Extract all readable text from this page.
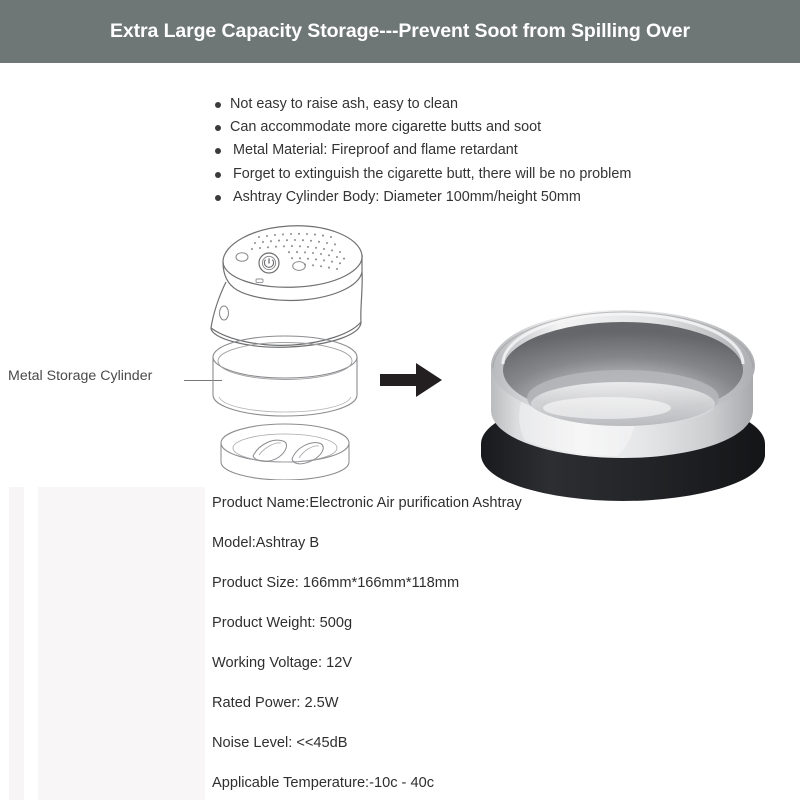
Extra Large Capacity Storage---Prevent Soot from Spilling Over
Not easy to raise ash, easy to clean
Can accommodate more cigarette butts and soot
Metal Material: Fireproof and flame retardant
Forget to extinguish the cigarette butt, there will be no problem
Ashtray Cylinder Body: Diameter 100mm/height 50mm
Metal Storage Cylinder
Product Name:Electronic Air purification Ashtray
Model:Ashtray B
Product Size: 166mm*166mm*118mm
Product Weight: 500g
Working Voltage: 12V
Rated Power: 2.5W
Noise Level: <<45dB
Applicable Temperature:-10c - 40c
